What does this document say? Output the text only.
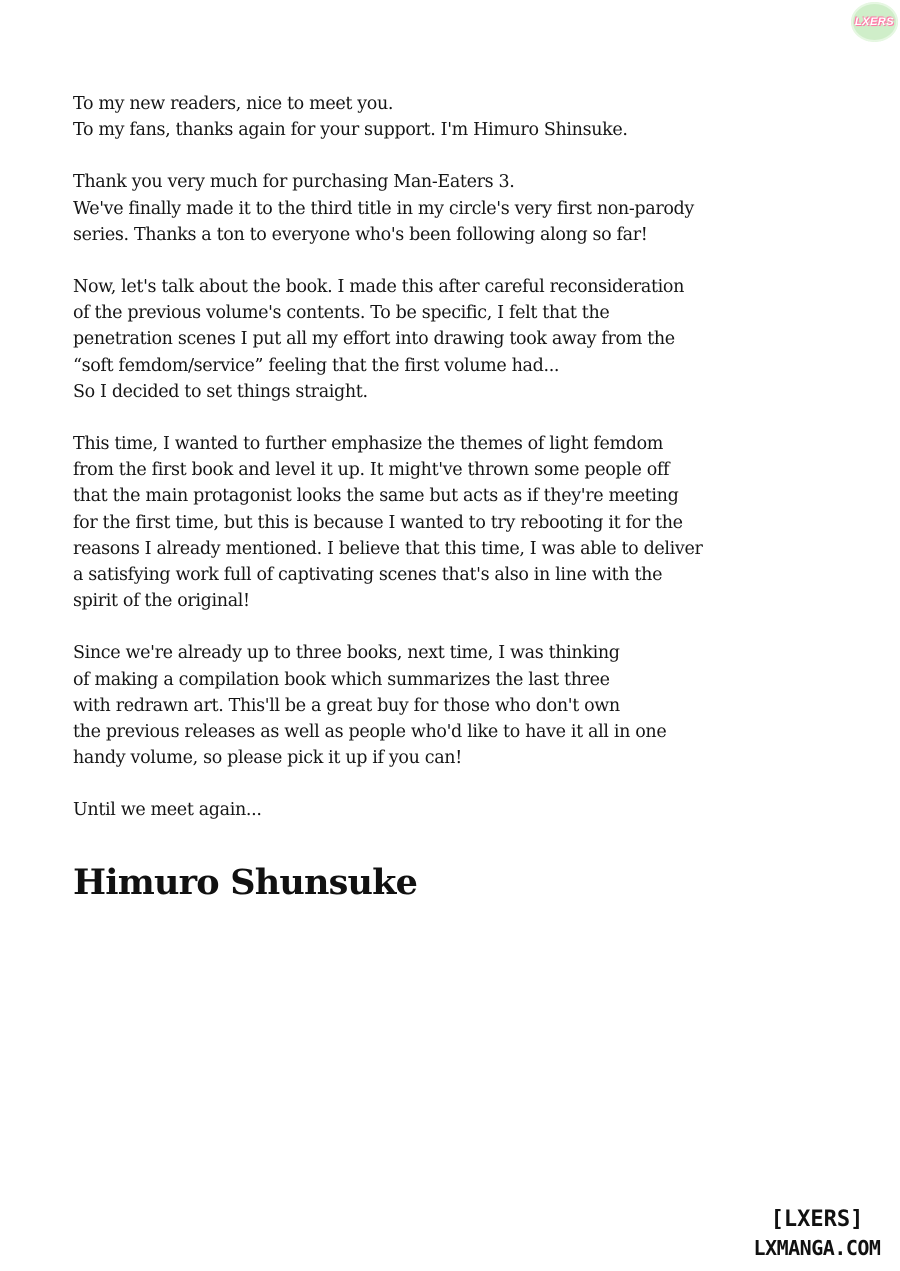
LXERS

To my new readers, nice to meet you.
To my fans, thanks again for your support. I'm Himuro Shinsuke.

Thank you very much for purchasing Man-Eaters 3.
We've finally made it to the third title in my circle's very first non-parody
series. Thanks a ton to everyone who's been following along so far!

Now, let's talk about the book. I made this after careful reconsideration
of the previous volume's contents. To be specific, I felt that the
penetration scenes I put all my effort into drawing took away from the
“soft femdom/service” feeling that the first volume had...
So I decided to set things straight.

This time, I wanted to further emphasize the themes of light femdom
from the first book and level it up. It might've thrown some people off
that the main protagonist looks the same but acts as if they're meeting
for the first time, but this is because I wanted to try rebooting it for the
reasons I already mentioned. I believe that this time, I was able to deliver
a satisfying work full of captivating scenes that's also in line with the
spirit of the original!

Since we're already up to three books, next time, I was thinking
of making a compilation book which summarizes the last three
with redrawn art. This'll be a great buy for those who don't own
the previous releases as well as people who'd like to have it all in one
handy volume, so please pick it up if you can!

Until we meet again...

Himuro Shunsuke
[LXERS]
LXMANGA.COM
